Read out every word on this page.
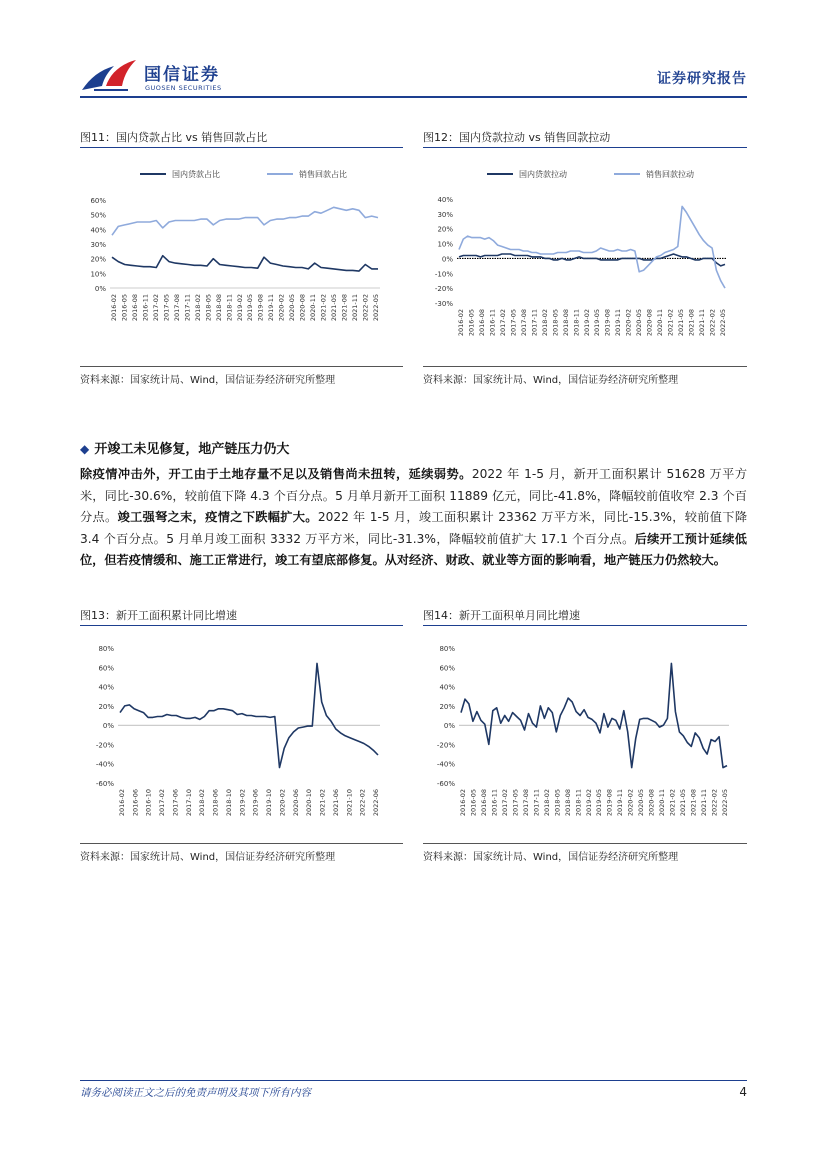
国信证券
GUOSEN SECURITIES
证券研究报告
图11：国内贷款占比 vs 销售回款占比
0%
10%
20%
30%
40%
50%
60%
2016-02 2016-05 2016-08 2016-11 2017-02 2017-05 2017-08 2017-11 2018-02 2018-05 2018-08 2018-11 2019-02 2019-05 2019-08 2019-11 2020-02 2020-05 2020-08 2020-11 2021-02 2021-05 2021-08 2021-11 2022-02 2022-05
国内贷款占比	销售回款占比
资料来源：国家统计局、Wind，国信证券经济研究所整理
图12：国内贷款拉动 vs 销售回款拉动
-30%
-20%
-10%
0%
10%
20%
30%
40%
2016-02 2016-05 2016-08 2016-11 2017-02 2017-05 2017-08 2017-11 2018-02 2018-05 2018-08 2018-11 2019-02 2019-05 2019-08 2019-11 2020-02 2020-05 2020-08 2020-11 2021-02 2021-05 2021-08 2021-11 2022-02 2022-05
国内贷款拉动	销售回款拉动
资料来源：国家统计局、Wind，国信证券经济研究所整理
◆ 开竣工未见修复，地产链压力仍大
除疫情冲击外，开工由于土地存量不足以及销售尚未扭转，延续弱势。2022 年 1-5 月，新开工面积累计 51628 万平方米，同比-30.6%，较前值下降 4.3 个百分点。5 月单月新开工面积 11889 亿元，同比-41.8%，降幅较前值收窄 2.3 个百分点。竣工强弩之末，疫情之下跌幅扩大。2022 年 1-5 月，竣工面积累计 23362 万平方米，同比-15.3%，较前值下降 3.4 个百分点。5 月单月竣工面积 3332 万平方米，同比-31.3%，降幅较前值扩大 17.1 个百分点。后续开工预计延续低位，但若疫情缓和、施工正常进行，竣工有望底部修复。从对经济、财政、就业等方面的影响看，地产链压力仍然较大。
图13：新开工面积累计同比增速
-60%
-40%
-20%
0%
20%
40%
60%
80%
2016-02 2016-06 2016-10 2017-02 2017-06 2017-10 2018-02 2018-06 2018-10 2019-02 2019-06 2019-10 2020-02 2020-06 2020-10 2021-02 2021-06 2021-10 2022-02 2022-06
资料来源：国家统计局、Wind，国信证券经济研究所整理
图14：新开工面积单月同比增速
-60%
-40%
-20%
0%
20%
40%
60%
80%
2016-02 2016-05 2016-08 2016-11 2017-02 2017-05 2017-08 2017-11 2018-02 2018-05 2018-08 2018-11 2019-02 2019-05 2019-08 2019-11 2020-02 2020-05 2020-08 2020-11 2021-02 2021-05 2021-08 2021-11 2022-02 2022-05
资料来源：国家统计局、Wind，国信证券经济研究所整理
请务必阅读正文之后的免责声明及其项下所有内容	4
